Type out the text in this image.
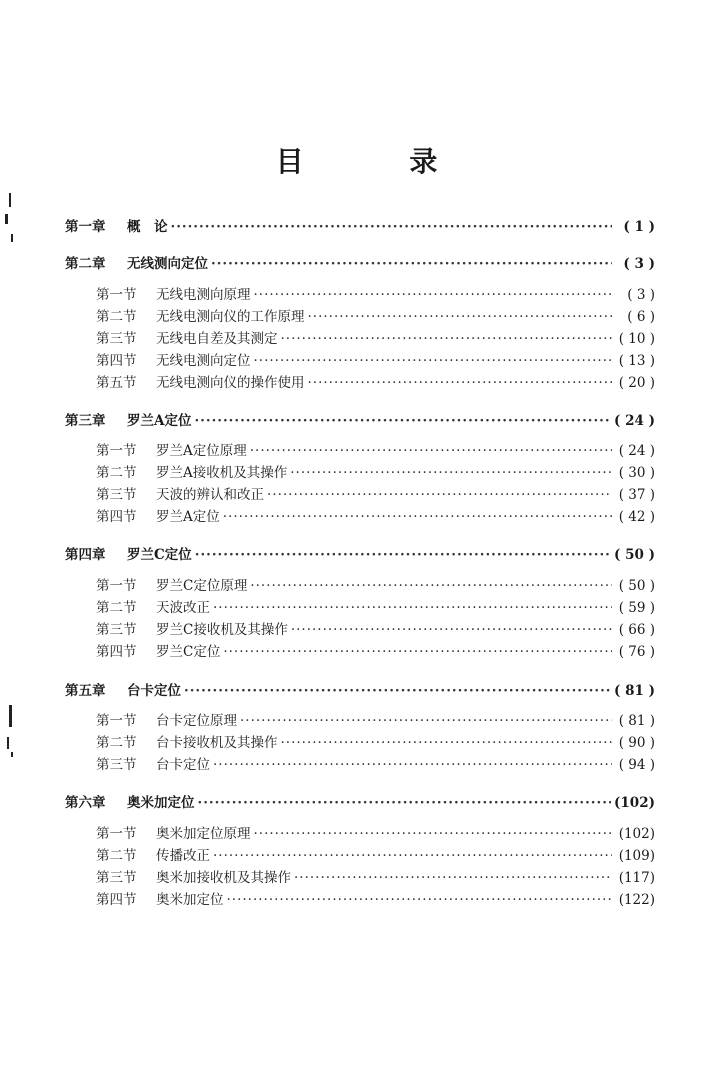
目 录
第一章	概　论 ·····	( 1 )
第二章	无线测向定位 ·····	( 3 )
第一节	无线电测向原理 ·····	( 3 )
第二节	无线电测向仪的工作原理 ·····	( 6 )
第三节	无线电自差及其测定 ·····	( 10 )
第四节	无线电测向定位 ·····	( 13 )
第五节	无线电测向仪的操作使用 ·····	( 20 )
第三章	罗兰A定位 ·····	( 24 )
第一节	罗兰A定位原理 ·····	( 24 )
第二节	罗兰A接收机及其操作 ·····	( 30 )
第三节	天波的辨认和改正 ·····	( 37 )
第四节	罗兰A定位 ·····	( 42 )
第四章	罗兰C定位 ·····	( 50 )
第一节	罗兰C定位原理 ·····	( 50 )
第二节	天波改正 ·····	( 59 )
第三节	罗兰C接收机及其操作 ·····	( 66 )
第四节	罗兰C定位 ·····	( 76 )
第五章	台卡定位 ·····	( 81 )
第一节	台卡定位原理 ·····	( 81 )
第二节	台卡接收机及其操作 ·····	( 90 )
第三节	台卡定位 ·····	( 94 )
第六章	奥米加定位 ·····	(102)
第一节	奥米加定位原理 ·····	(102)
第二节	传播改正 ·····	(109)
第三节	奥米加接收机及其操作 ·····	(117)
第四节	奥米加定位 ·····	(122)
